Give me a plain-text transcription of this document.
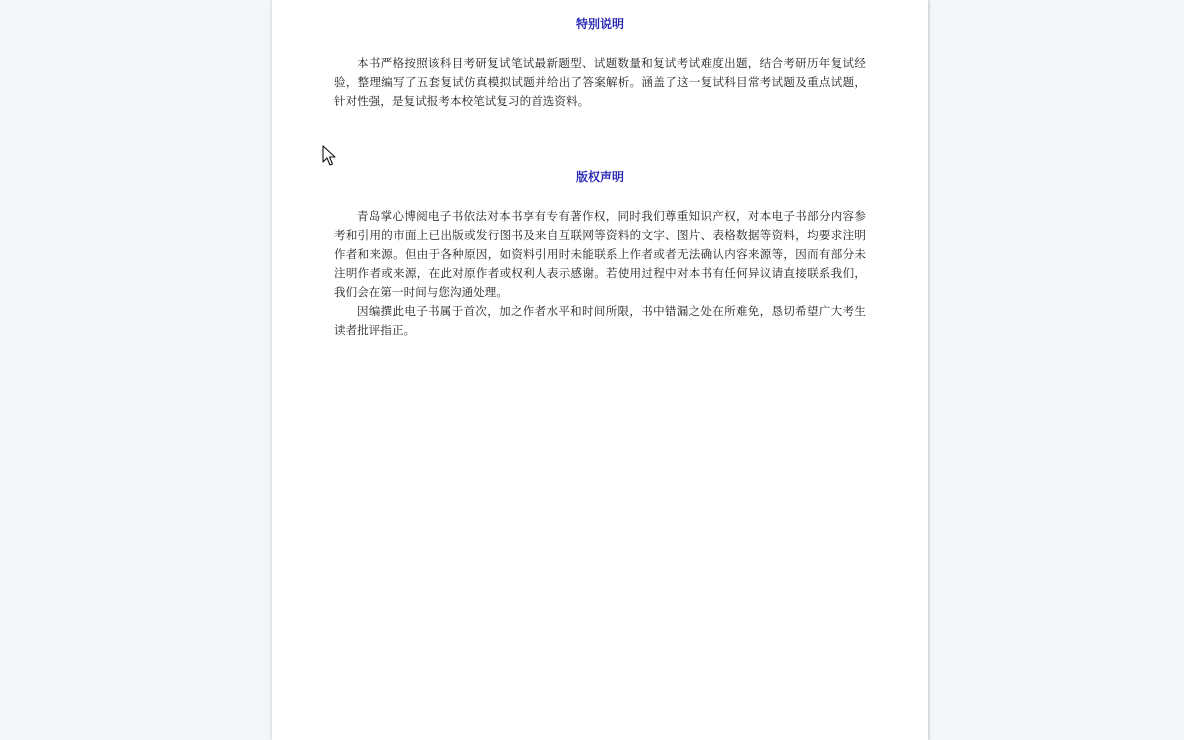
特别说明

本书严格按照该科目考研复试笔试最新题型、试题数量和复试考试难度出题，结合考研历年复试经验，整理编写了五套复试仿真模拟试题并给出了答案解析。涵盖了这一复试科目常考试题及重点试题，针对性强，是复试报考本校笔试复习的首选资料。

版权声明

青岛掌心博阅电子书依法对本书享有专有著作权，同时我们尊重知识产权，对本电子书部分内容参考和引用的市面上已出版或发行图书及来自互联网等资料的文字、图片、表格数据等资料，均要求注明作者和来源。但由于各种原因，如资料引用时未能联系上作者或者无法确认内容来源等，因而有部分未注明作者或来源，在此对原作者或权利人表示感谢。若使用过程中对本书有任何异议请直接联系我们，我们会在第一时间与您沟通处理。

因编撰此电子书属于首次，加之作者水平和时间所限，书中错漏之处在所难免，恳切希望广大考生读者批评指正。
